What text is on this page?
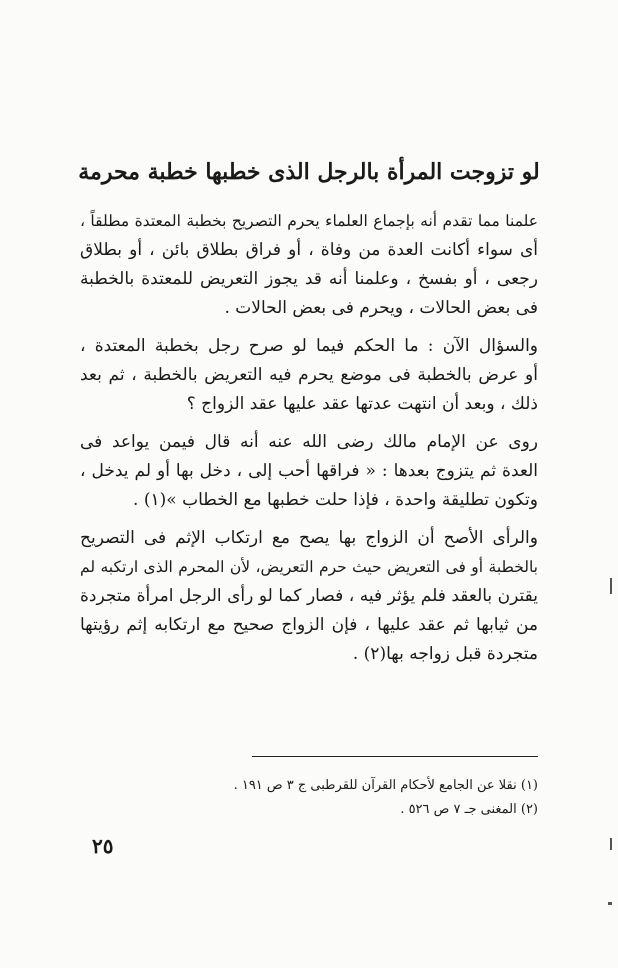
لو تزوجت المرأة بالرجل الذى خطبها خطبة محرمة
علمنا مما تقدم أنه بإجماع العلماء يحرم التصريح بخطبة المعتدة مطلقاً ،
أى سواء أكانت العدة من وفاة ، أو فراق بطلاق بائن ، أو بطلاق
رجعى ، أو بفسخ ، وعلمنا أنه قد يجوز التعريض للمعتدة بالخطبة
فى بعض الحالات ، ويحرم فى بعض الحالات .
والسؤال الآن : ما الحكم فيما لو صرح رجل بخطبة المعتدة ،
أو عرض بالخطبة فى موضع يحرم فيه التعريض بالخطبة ، ثم بعد
ذلك ، وبعد أن انتهت عدتها عقد عليها عقد الزواج ؟
روى عن الإمام مالك رضى الله عنه أنه قال فيمن يواعد فى
العدة ثم يتزوج بعدها : « فراقها أحب إلى ، دخل بها أو لم يدخل ،
وتكون تطليقة واحدة ، فإذا حلت خطبها مع الخطاب »(١) .
والرأى الأصح أن الزواج بها يصح مع ارتكاب الإثم فى التصريح
بالخطبة أو فى التعريض حيث حرم التعريض، لأن المحرم الذى ارتكبه لم
يقترن بالعقد فلم يؤثر فيه ، فصار كما لو رأى الرجل امرأة متجردة
من ثيابها ثم عقد عليها ، فإن الزواج صحيح مع ارتكابه إثم رؤيتها
متجردة قبل زواجه بها(٢) .
(١) نقلا عن الجامع لأحكام القرآن للقرطبى ج ٣ ص ١٩١ .
(٢) المغنى جـ ٧ ص ٥٢٦ .
٢٥
